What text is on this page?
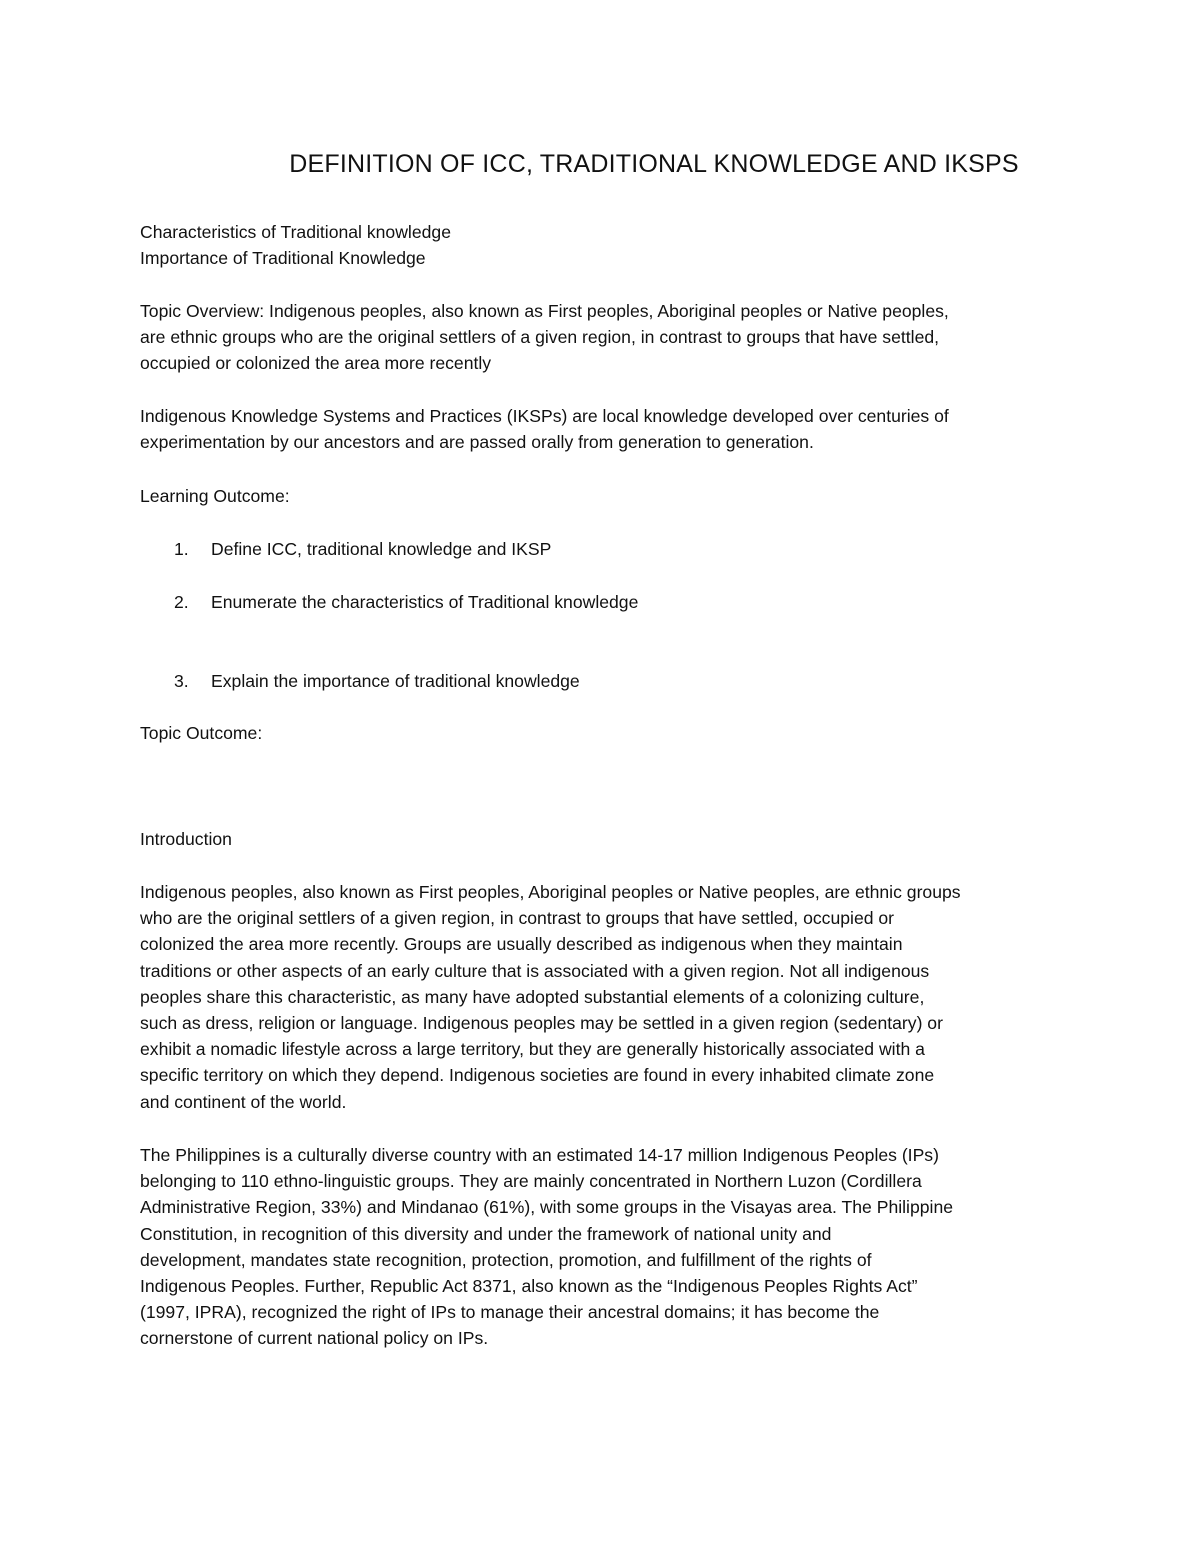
DEFINITION OF ICC, TRADITIONAL KNOWLEDGE AND IKSPS
Characteristics of Traditional knowledge
Importance of Traditional Knowledge
Topic Overview: Indigenous peoples, also known as First peoples, Aboriginal peoples or Native peoples,
are ethnic groups who are the original settlers of a given region, in contrast to groups that have settled,
occupied or colonized the area more recently
Indigenous Knowledge Systems and Practices (IKSPs) are local knowledge developed over centuries of
experimentation by our ancestors and are passed orally from generation to generation.
Learning Outcome:
1.	Define ICC, traditional knowledge and IKSP
2.	Enumerate the characteristics of Traditional knowledge
3.	Explain the importance of traditional knowledge
Topic Outcome:
Introduction
Indigenous peoples, also known as First peoples, Aboriginal peoples or Native peoples, are ethnic groups
who are the original settlers of a given region, in contrast to groups that have settled, occupied or
colonized the area more recently. Groups are usually described as indigenous when they maintain
traditions or other aspects of an early culture that is associated with a given region. Not all indigenous
peoples share this characteristic, as many have adopted substantial elements of a colonizing culture,
such as dress, religion or language. Indigenous peoples may be settled in a given region (sedentary) or
exhibit a nomadic lifestyle across a large territory, but they are generally historically associated with a
specific territory on which they depend. Indigenous societies are found in every inhabited climate zone
and continent of the world.
The Philippines is a culturally diverse country with an estimated 14-17 million Indigenous Peoples (IPs)
belonging to 110 ethno-linguistic groups. They are mainly concentrated in Northern Luzon (Cordillera
Administrative Region, 33%) and Mindanao (61%), with some groups in the Visayas area. The Philippine
Constitution, in recognition of this diversity and under the framework of national unity and
development, mandates state recognition, protection, promotion, and fulfillment of the rights of
Indigenous Peoples. Further, Republic Act 8371, also known as the “Indigenous Peoples Rights Act”
(1997, IPRA), recognized the right of IPs to manage their ancestral domains; it has become the
cornerstone of current national policy on IPs.
